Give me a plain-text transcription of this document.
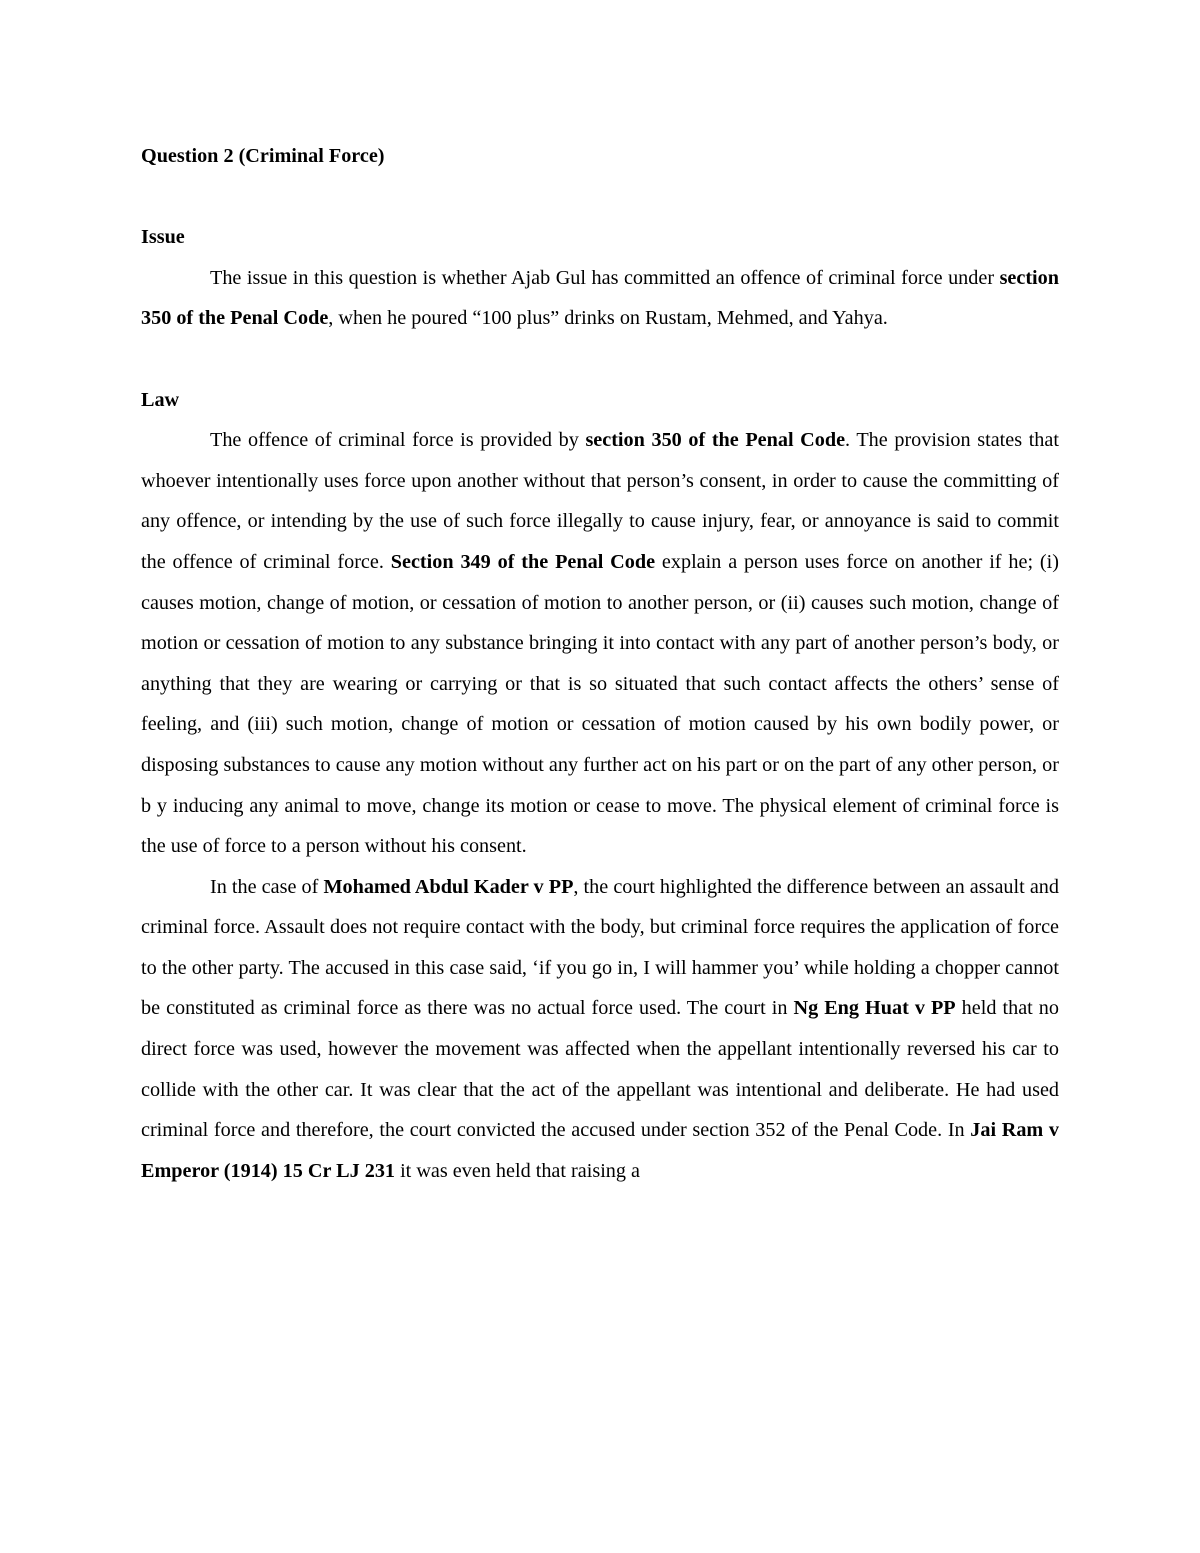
Question 2 (Criminal Force)

Issue

The issue in this question is whether Ajab Gul has committed an offence of criminal force under section 350 of the Penal Code, when he poured “100 plus” drinks on Rustam, Mehmed, and Yahya.

Law

The offence of criminal force is provided by section 350 of the Penal Code. The provision states that whoever intentionally uses force upon another without that person’s consent, in order to cause the committing of any offence, or intending by the use of such force illegally to cause injury, fear, or annoyance is said to commit the offence of criminal force. Section 349 of the Penal Code explain a person uses force on another if he; (i) causes motion, change of motion, or cessation of motion to another person, or (ii) causes such motion, change of motion or cessation of motion to any substance bringing it into contact with any part of another person’s body, or anything that they are wearing or carrying or that is so situated that such contact affects the others’ sense of feeling, and (iii) such motion, change of motion or cessation of motion caused by his own bodily power, or disposing substances to cause any motion without any further act on his part or on the part of any other person, or b y inducing any animal to move, change its motion or cease to move. The physical element of criminal force is the use of force to a person without his consent.

In the case of Mohamed Abdul Kader v PP, the court highlighted the difference between an assault and criminal force. Assault does not require contact with the body, but criminal force requires the application of force to the other party. The accused in this case said, ‘if you go in, I will hammer you’ while holding a chopper cannot be constituted as criminal force as there was no actual force used. The court in Ng Eng Huat v PP held that no direct force was used, however the movement was affected when the appellant intentionally reversed his car to collide with the other car. It was clear that the act of the appellant was intentional and deliberate. He had used criminal force and therefore, the court convicted the accused under section 352 of the Penal Code. In Jai Ram v Emperor (1914) 15 Cr LJ 231 it was even held that raising a
